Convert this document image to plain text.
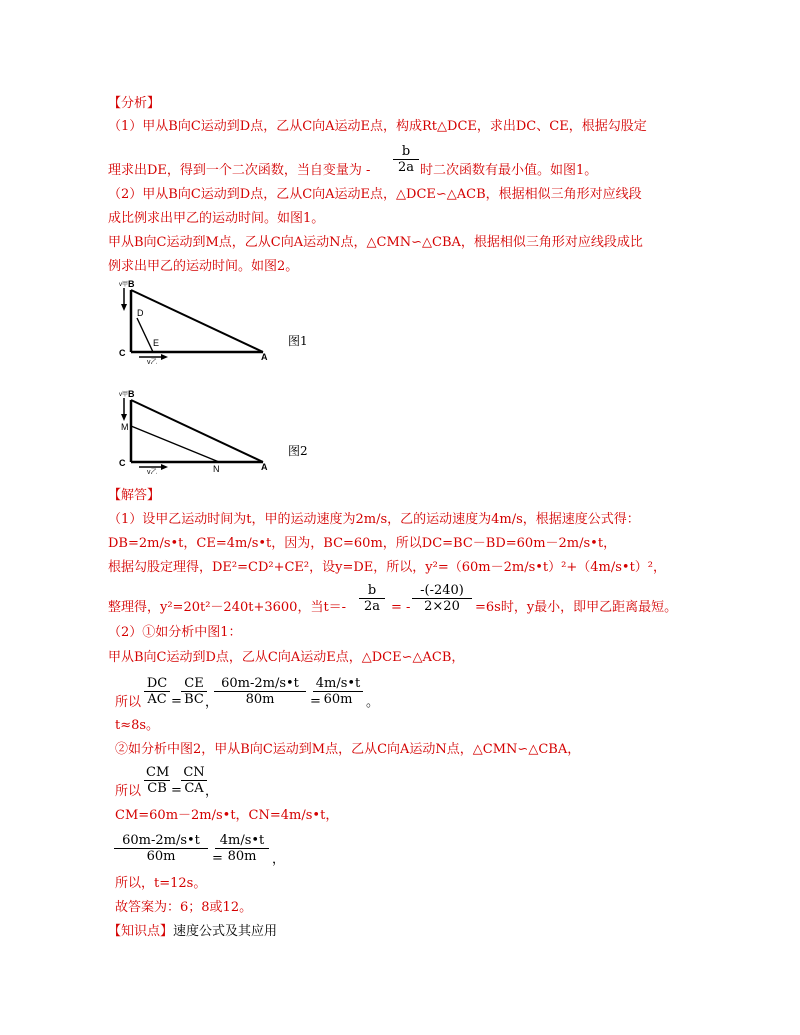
【分析】
（1）甲从B向C运动到D点，乙从C向A运动E点，构成Rt△DCE，求出DC、CE，根据勾股定
$\frac{b}{2a}$
理求出DE，得到一个二次函数，当自变量为 -	时二次函数有最小值。如图1。
（2）甲从B向C运动到D点，乙从C向A运动E点，△DCE∽△ACB，根据相似三角形对应线段
成比例求出甲乙的运动时间。如图1。
甲从B向C运动到M点，乙从C向A运动N点，△CMN∽△CBA，根据相似三角形对应线段成比
例求出甲乙的运动时间。如图2。
B
v甲
D
E
C	A
v乙
图1
B
v甲
M
N
C	A
v乙
图2
【解答】
（1）设甲乙运动时间为t，甲的运动速度为2m/s，乙的运动速度为4m/s，根据速度公式得：
DB=2m/s•t，CE=4m/s•t，因为，BC=60m，所以DC=BC－BD=60m－2m/s•t，
根据勾股定理得，DE²=CD²+CE²，设y=DE，所以，y²=（60m－2m/s•t）²+（4m/s•t）²，
整理得，y²=20t²－240t+3600，当$t=- \frac{b}{2a}$ = - $\frac{-(-240)}{2\times 20} =6s$时，y最小，即甲乙距离最短。
（2）①如分析中图1：
甲从B向C运动到D点，乙从C向A运动E点，△DCE∽△ACB，
所以 $\frac{DC}{AC} = \frac{CE}{BC}$
，
$\frac{60m-2m/s•t}{80m}$ =
$\frac{4m/s•t}{60m}$ 。
t≈8s。
②如分析中图2，甲从B向C运动到M点，乙从C向A运动N点，△CMN∽△CBA，
所以 $\frac{CM}{CB} = \frac{CN}{CA}$
，
CM=60m－2m/s•t，CN=4m/s•t，
$\frac{60m-2m/s•t}{60m}$ =
$\frac{4m/s•t}{80m}$ ，
所以，t=12s。
故答案为：6；8或12。
【知识点】速度公式及其应用
